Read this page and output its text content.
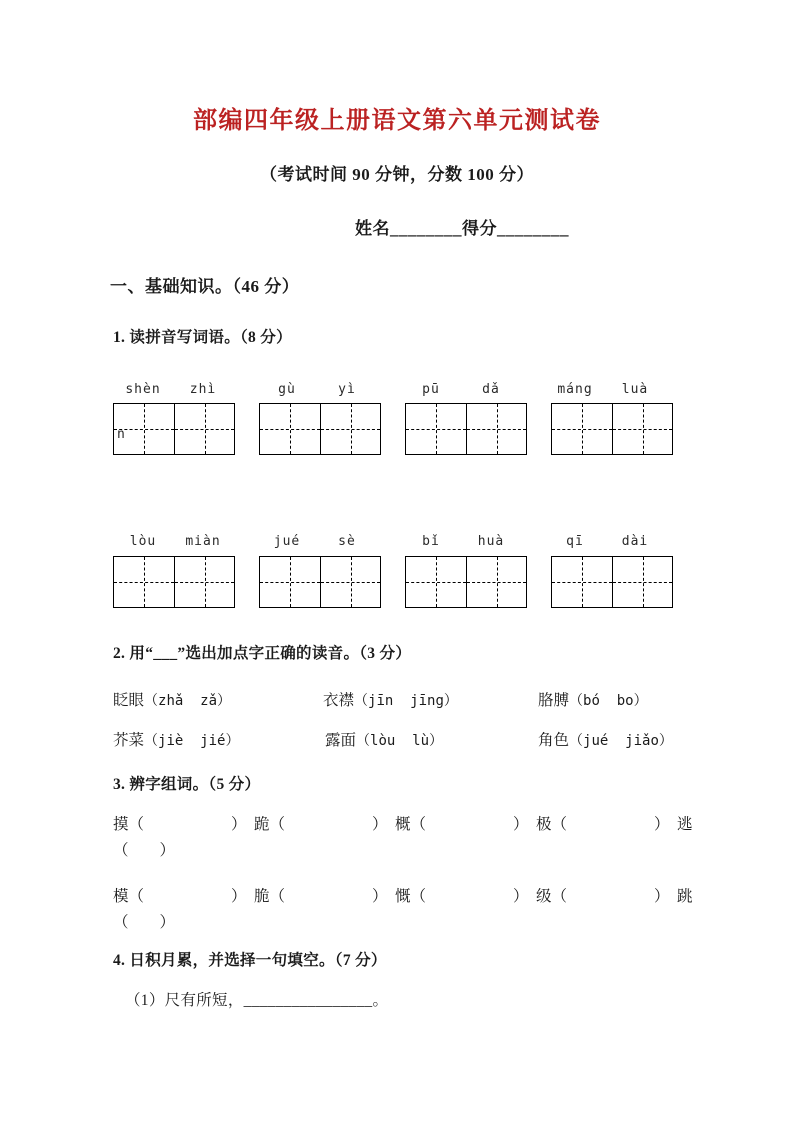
部编四年级上册语文第六单元测试卷
（考试时间 90 分钟，分数 100 分）
姓名________得分________
一、基础知识。（46 分）
1. 读拼音写词语。（8 分）
shèn	zhì	gù	yì	pū	dǎ	máng	luà
n
lòu	miàn	jué	sè	bǐ	huà	qī	dài
2. 用“___”选出加点字正确的读音。（3 分）
眨眼（zhǎ  zǎ）	衣襟（jīn  jīng）	胳膊（bó  bo）
芥菜（jiè  jié）	露面（lòu  lù）	角色（jué  jiǎo）
3. 辨字组词。（5 分）
摸（	） 跪（	） 概（	） 极（	） 逃
（        ）
模（	） 脆（	） 慨（	） 级（	） 跳
（        ）
4. 日积月累，并选择一句填空。（7 分）
（1）尺有所短，________________。
